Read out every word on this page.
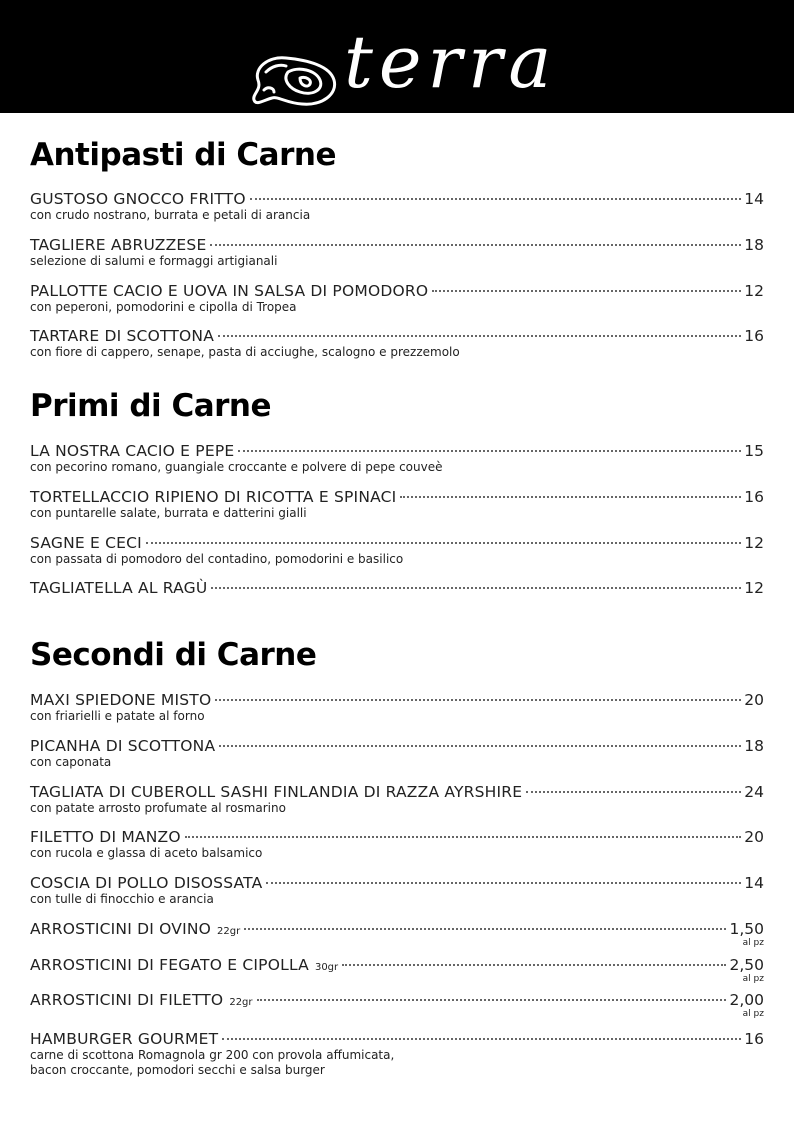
terra
Antipasti di Carne
GUSTOSO GNOCCO FRITTO	14
con crudo nostrano, burrata e petali di arancia
TAGLIERE ABRUZZESE	18
selezione di salumi e formaggi artigianali
PALLOTTE CACIO E UOVA IN SALSA DI POMODORO	12
con peperoni, pomodorini e cipolla di Tropea
TARTARE DI SCOTTONA	16
con fiore di cappero, senape, pasta di acciughe, scalogno e prezzemolo
Primi di Carne
LA NOSTRA CACIO E PEPE	15
con pecorino romano, guangiale croccante e polvere di pepe couveè
TORTELLACCIO RIPIENO DI RICOTTA E SPINACI	16
con puntarelle salate, burrata e datterini gialli
SAGNE E CECI	12
con passata di pomodoro del contadino, pomodorini e basilico
TAGLIATELLA AL RAGÙ	12
Secondi di Carne
MAXI SPIEDONE MISTO	20
con friarielli e patate al forno
PICANHA DI SCOTTONA	18
con caponata
TAGLIATA DI CUBEROLL SASHI FINLANDIA DI RAZZA AYRSHIRE	24
con patate arrosto profumate al rosmarino
FILETTO DI MANZO	20
con rucola e glassa di aceto balsamico
COSCIA DI POLLO DISOSSATA	14
con tulle di finocchio e arancia
ARROSTICINI DI OVINO 22gr	1,50
al pz
ARROSTICINI DI FEGATO E CIPOLLA 30gr	2,50
al pz
ARROSTICINI DI FILETTO 22gr	2,00
al pz
HAMBURGER GOURMET	16
carne di scottona Romagnola gr 200 con provola affumicata,
bacon croccante, pomodori secchi e salsa burger
